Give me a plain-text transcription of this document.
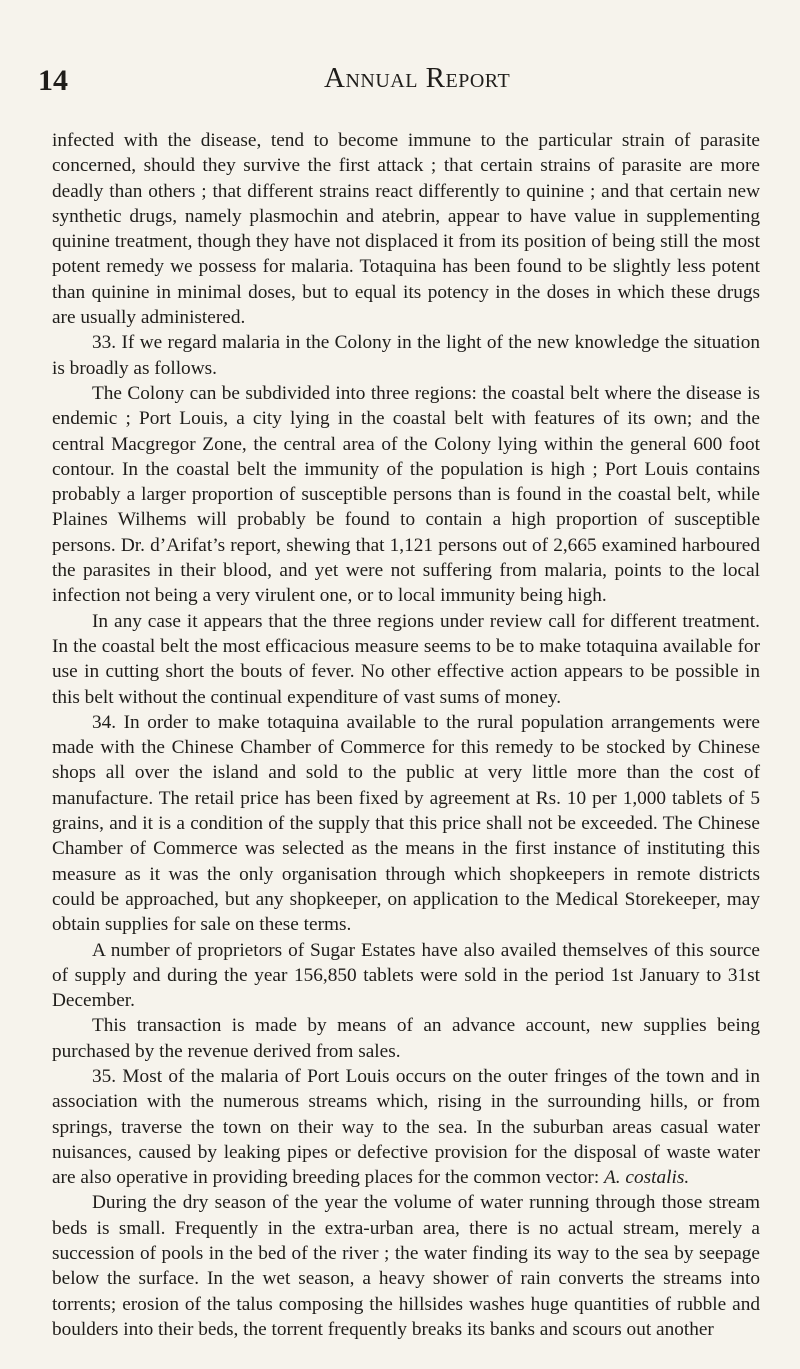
14	Annual Report

infected with the disease, tend to become immune to the particular strain of parasite concerned, should they survive the first attack ; that certain strains of parasite are more deadly than others ; that different strains react differently to quinine ; and that certain new synthetic drugs, namely plasmochin and atebrin, appear to have value in supplementing quinine treatment, though they have not displaced it from its position of being still the most potent remedy we possess for malaria. Totaquina has been found to be slightly less potent than quinine in minimal doses, but to equal its potency in the doses in which these drugs are usually administered.

33. If we regard malaria in the Colony in the light of the new knowledge the situation is broadly as follows.

The Colony can be subdivided into three regions: the coastal belt where the disease is endemic ; Port Louis, a city lying in the coastal belt with features of its own; and the central Macgregor Zone, the central area of the Colony lying within the general 600 foot contour. In the coastal belt the immunity of the population is high ; Port Louis contains probably a larger proportion of susceptible persons than is found in the coastal belt, while Plaines Wilhems will probably be found to contain a high proportion of susceptible persons. Dr. d’Arifat’s report, shewing that 1,121 persons out of 2,665 examined harboured the parasites in their blood, and yet were not suffering from malaria, points to the local infection not being a very virulent one, or to local immunity being high.

In any case it appears that the three regions under review call for different treatment. In the coastal belt the most efficacious measure seems to be to make totaquina available for use in cutting short the bouts of fever. No other effective action appears to be possible in this belt without the continual expenditure of vast sums of money.

34. In order to make totaquina available to the rural population arrangements were made with the Chinese Chamber of Commerce for this remedy to be stocked by Chinese shops all over the island and sold to the public at very little more than the cost of manufacture. The retail price has been fixed by agreement at Rs. 10 per 1,000 tablets of 5 grains, and it is a condition of the supply that this price shall not be exceeded. The Chinese Chamber of Commerce was selected as the means in the first instance of instituting this measure as it was the only organisation through which shopkeepers in remote districts could be approached, but any shopkeeper, on application to the Medical Storekeeper, may obtain supplies for sale on these terms.

A number of proprietors of Sugar Estates have also availed themselves of this source of supply and during the year 156,850 tablets were sold in the period 1st January to 31st December.

This transaction is made by means of an advance account, new supplies being purchased by the revenue derived from sales.

35. Most of the malaria of Port Louis occurs on the outer fringes of the town and in association with the numerous streams which, rising in the surrounding hills, or from springs, traverse the town on their way to the sea. In the suburban areas casual water nuisances, caused by leaking pipes or defective provision for the disposal of waste water are also operative in providing breeding places for the common vector: A. costalis.

During the dry season of the year the volume of water running through those stream beds is small. Frequently in the extra-urban area, there is no actual stream, merely a succession of pools in the bed of the river ; the water finding its way to the sea by seepage below the surface. In the wet season, a heavy shower of rain converts the streams into torrents; erosion of the talus composing the hillsides washes huge quantities of rubble and boulders into their beds, the torrent frequently breaks its banks and scours out another
